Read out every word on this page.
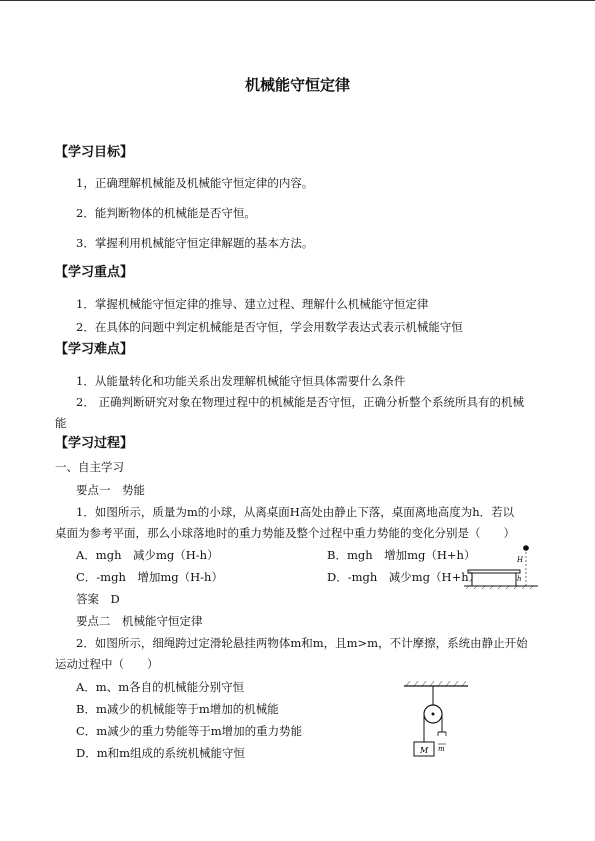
机械能守恒定律
【学习目标】
1，正确理解机械能及机械能守恒定律的内容。
2．能判断物体的机械能是否守恒。
3．掌握利用机械能守恒定律解题的基本方法。
【学习重点】
1．掌握机械能守恒定律的推导、建立过程、理解什么机械能守恒定律
2．在具体的问题中判定机械能是否守恒，学会用数学表达式表示机械能守恒
【学习难点】
1．从能量转化和功能关系出发理解机械能守恒具体需要什么条件
2． 正确判断研究对象在物理过程中的机械能是否守恒，正确分析整个系统所具有的机械
能
【学习过程】
一、自主学习
要点一　势能
1．如图所示，质量为m的小球，从离桌面H高处由静止下落，桌面离地高度为h．若以
桌面为参考平面，那么小球落地时的重力势能及整个过程中重力势能的变化分别是（　　）
A．mgh　减少mg（H-h）	B．mgh　增加mg（H+h）
C．-mgh　增加mg（H-h）	D．-mgh　减少mg（H+h）
答案　D
要点二　机械能守恒定律
2．如图所示，细绳跨过定滑轮悬挂两物体m和m，且m>m，不计摩擦，系统由静止开始
运动过程中（　　）
A．m、m各自的机械能分别守恒
B．m减少的机械能等于m增加的机械能
C．m减少的重力势能等于m增加的重力势能
D．m和m组成的系统机械能守恒
H
h
M m
